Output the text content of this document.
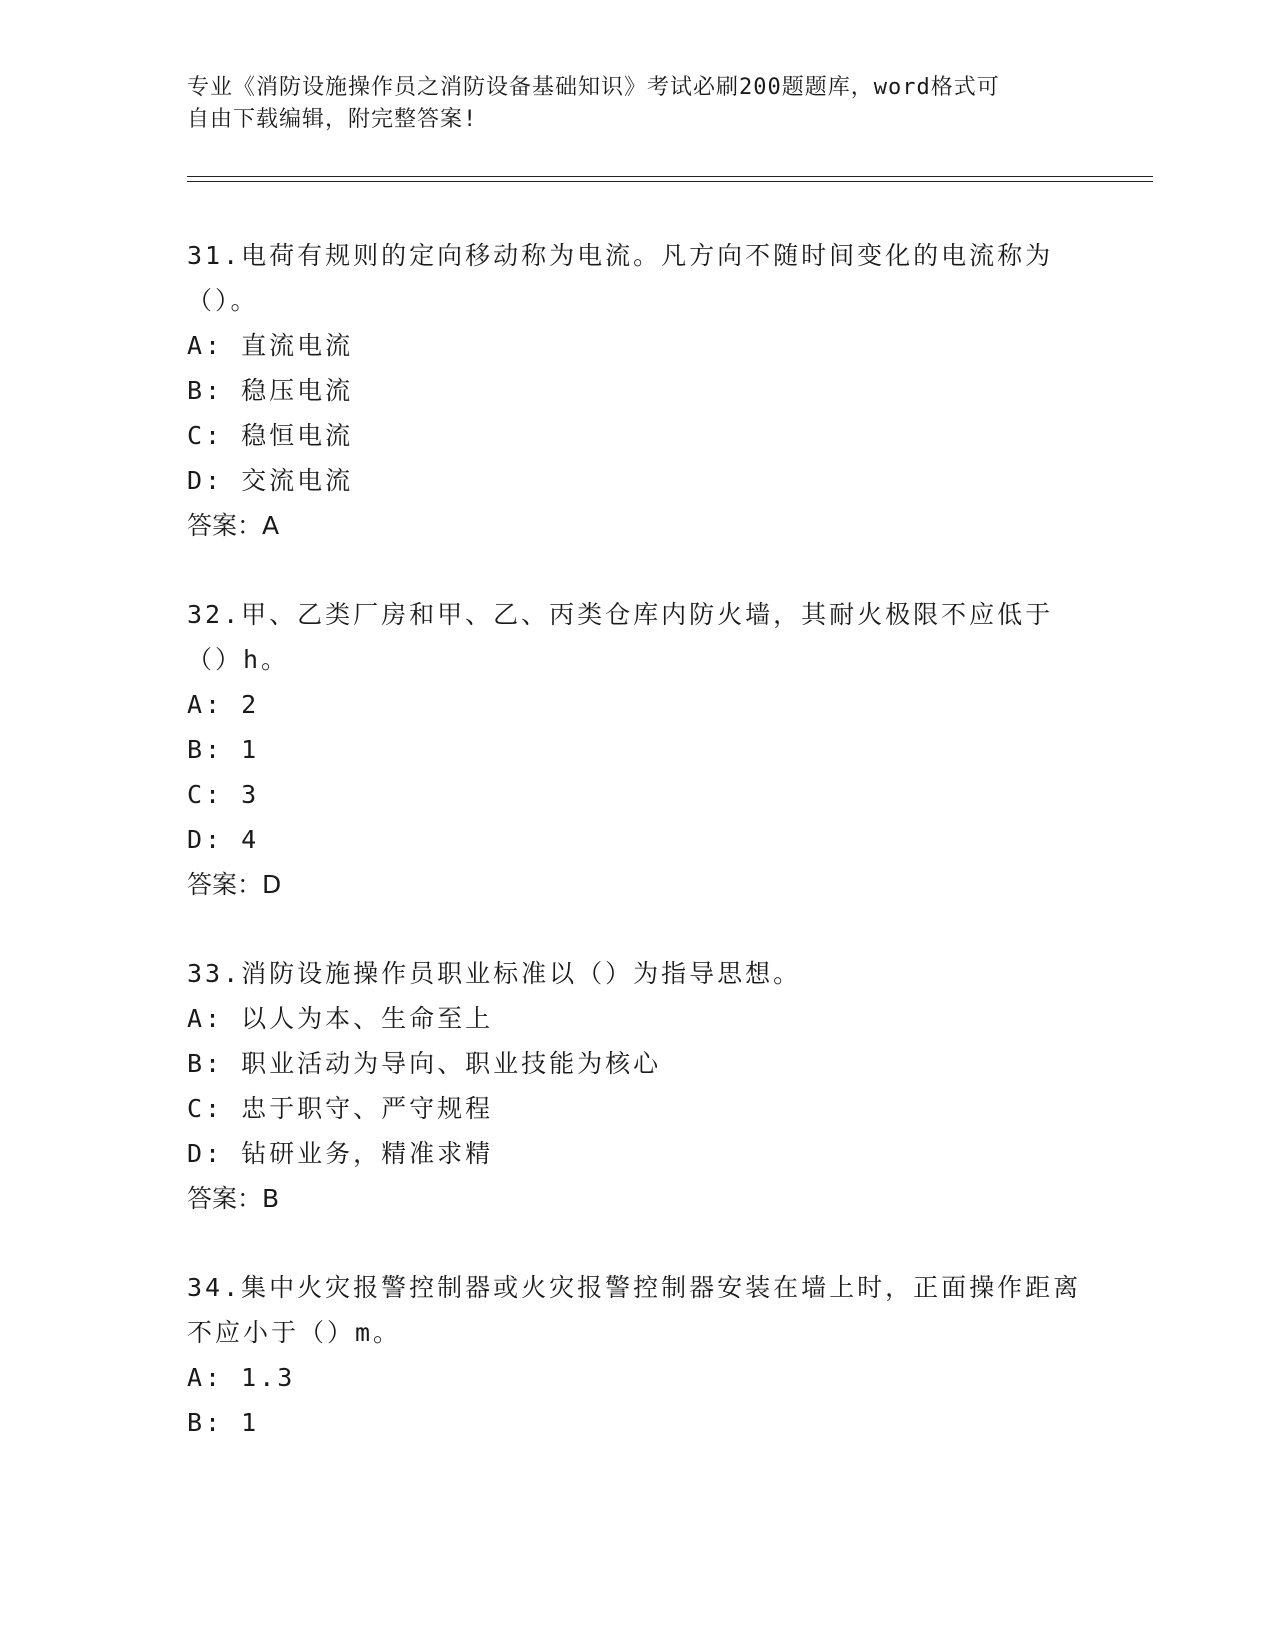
专业《消防设施操作员之消防设备基础知识》考试必刷200题题库，word格式可
自由下载编辑，附完整答案!

31.电荷有规则的定向移动称为电流。凡方向不随时间变化的电流称为（）。

A: 直流电流
B: 稳压电流
C: 稳恒电流
D: 交流电流
答案：A

32.甲、乙类厂房和甲、乙、丙类仓库内防火墙，其耐火极限不应低于（）h。

A: 2
B: 1
C: 3
D: 4
答案：D

33.消防设施操作员职业标准以（）为指导思想。

A: 以人为本、生命至上
B: 职业活动为导向、职业技能为核心
C: 忠于职守、严守规程
D: 钻研业务，精准求精
答案：B

34.集中火灾报警控制器或火灾报警控制器安装在墙上时，正面操作距离不应小于（）m。

A: 1.3
B: 1
